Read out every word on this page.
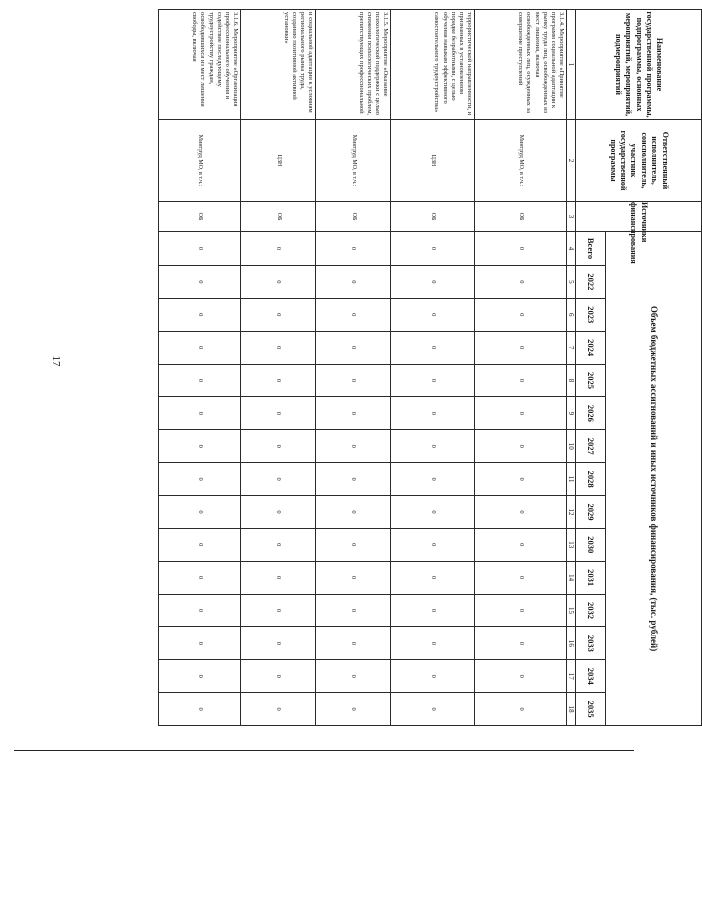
17
Наименование государственной программы, подпрограммы, основных мероприятий, мероприятий, подмероприятий	Ответственный исполнитель, соисполнитель, участник государственной программы	Источники финансирования	Объем бюджетных ассигнований и иных источников финансирования, (тыс. рублей)														
			Всего	2022	2023	2024	2025	2026	2027	2028	2029	2030	2031	2032	2033	2034	2035
1	2	3	4	5	6	7	8	9	10	11	12	13	14	15	16	17	18
3.1.4. Мероприятие «Принятие программ социальной адаптации к рынку труда лиц, освобожденных из мест лишения, включая освобожденных лиц, осужденных за совершение преступлений	Минтруд МО, в т.ч.:	ОБ	0	0	0	0	0	0	0	0	0	0	0	0	0	0	0
террористической направленности, и признанных в установленном порядке безработными, с целью обучения навыкам эффективного самостоятельного трудоустройства»	ЦЗН	ОБ	0	0	0	0	0	0	0	0	0	0	0	0	0	0	0
3.1.5. Мероприятие «Оказание психологической поддержки с целью снижения психологических проблем, препятствующих профессиональной	Минтруд МО, в т.ч.:	ОБ	0	0	0	0	0	0	0	0	0	0	0	0	0	0	0
и социальной адаптации к условиям регионального рынка труда, созданию позитивной активной установки»	ЦЗН	ОБ	0	0	0	0	0	0	0	0	0	0	0	0	0	0	0
3.1.6. Мероприятие «Организация профессионального обучения и содействие последующему трудоустройству граждан, освободившихся из мест лишения свободы, включая	Минтруд МО, в т.ч.:	ОБ	0	0	0	0	0	0	0	0	0	0	0	0	0	0	0
